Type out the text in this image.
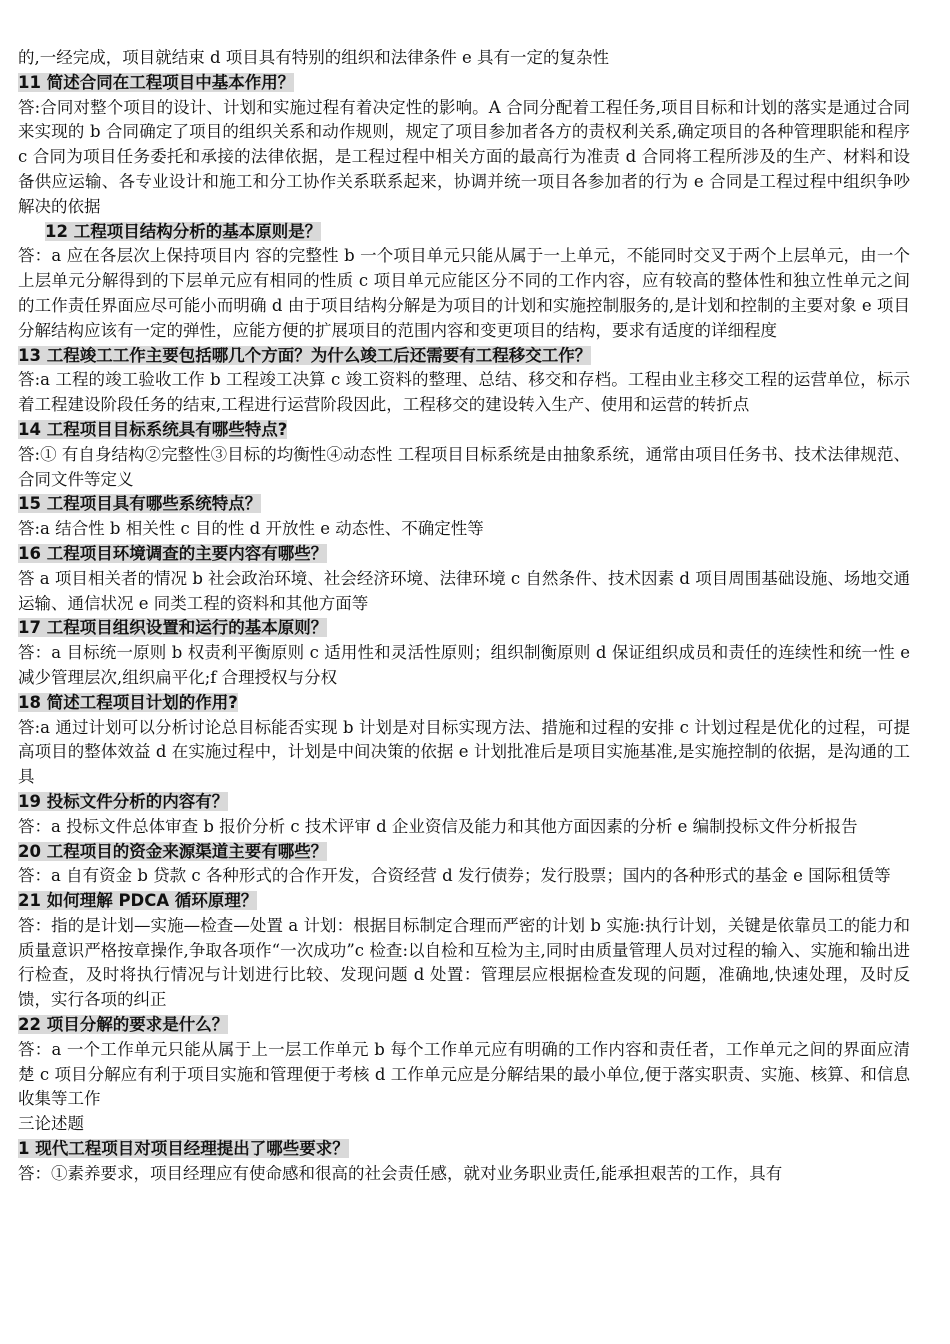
的,一经完成，项目就结束 d 项目具有特别的组织和法律条件 e 具有一定的复杂性

11 简述合同在工程项目中基本作用？

答:合同对整个项目的设计、计划和实施过程有着决定性的影响。A 合同分配着工程任务,项目目标和计划的落实是通过合同来实现的 b 合同确定了项目的组织关系和动作规则，规定了项目参加者各方的责权利关系,确定项目的各种管理职能和程序 c 合同为项目任务委托和承接的法律依据，是工程过程中相关方面的最高行为准责 d 合同将工程所涉及的生产、材料和设备供应运输、各专业设计和施工和分工协作关系联系起来，协调并统一项目各参加者的行为 e 合同是工程过程中组织争吵解决的依据

12 工程项目结构分析的基本原则是？

答：a 应在各层次上保持项目内 容的完整性 b 一个项目单元只能从属于一上单元，不能同时交叉于两个上层单元，由一个上层单元分解得到的下层单元应有相同的性质 c 项目单元应能区分不同的工作内容，应有较高的整体性和独立性单元之间的工作责任界面应尽可能小而明确 d 由于项目结构分解是为项目的计划和实施控制服务的,是计划和控制的主要对象 e 项目分解结构应该有一定的弹性，应能方便的扩展项目的范围内容和变更项目的结构，要求有适度的详细程度

13 工程竣工工作主要包括哪几个方面？为什么竣工后还需要有工程移交工作？

答:a 工程的竣工验收工作 b 工程竣工决算 c 竣工资料的整理、总结、移交和存档。工程由业主移交工程的运营单位，标示着工程建设阶段任务的结束,工程进行运营阶段因此，工程移交的建设转入生产、使用和运营的转折点

14 工程项目目标系统具有哪些特点?

答:① 有自身结构②完整性③目标的均衡性④动态性 工程项目目标系统是由抽象系统，通常由项目任务书、技术法律规范、合同文件等定义

15 工程项目具有哪些系统特点？

答:a 结合性 b 相关性 c 目的性 d 开放性 e 动态性、不确定性等

16 工程项目环境调查的主要内容有哪些？

答 a 项目相关者的情况 b 社会政治环境、社会经济环境、法律环境 c 自然条件、技术因素 d 项目周围基础设施、场地交通运输、通信状况 e 同类工程的资料和其他方面等

17 工程项目组织设置和运行的基本原则？

答：a 目标统一原则 b 权责利平衡原则 c 适用性和灵活性原则；组织制衡原则 d 保证组织成员和责任的连续性和统一性 e 减少管理层次,组织扁平化;f 合理授权与分权

18 简述工程项目计划的作用?

答:a 通过计划可以分析讨论总目标能否实现 b 计划是对目标实现方法、措施和过程的安排 c 计划过程是优化的过程，可提高项目的整体效益 d 在实施过程中，计划是中间决策的依据 e 计划批准后是项目实施基准,是实施控制的依据，是沟通的工具

19 投标文件分析的内容有？

答：a 投标文件总体审查 b 报价分析 c 技术评审 d 企业资信及能力和其他方面因素的分析 e 编制投标文件分析报告

20 工程项目的资金来源渠道主要有哪些？

答：a 自有资金 b 贷款 c 各种形式的合作开发，合资经营 d 发行债券；发行股票；国内的各种形式的基金 e 国际租赁等

21 如何理解 PDCA 循环原理？

答：指的是计划—实施—检查—处置 a 计划：根据目标制定合理而严密的计划 b 实施:执行计划，关键是依靠员工的能力和质量意识严格按章操作,争取各项作“一次成功”c 检查:以自检和互检为主,同时由质量管理人员对过程的输入、实施和输出进行检查，及时将执行情况与计划进行比较、发现问题 d 处置：管理层应根据检查发现的问题，准确地,快速处理，及时反馈，实行各项的纠正

22 项目分解的要求是什么？

答：a 一个工作单元只能从属于上一层工作单元 b 每个工作单元应有明确的工作内容和责任者，工作单元之间的界面应清楚 c 项目分解应有利于项目实施和管理便于考核 d 工作单元应是分解结果的最小单位,便于落实职责、实施、核算、和信息收集等工作

三论述题

1 现代工程项目对项目经理提出了哪些要求？

答：①素养要求，项目经理应有使命感和很高的社会责任感，就对业务职业责任,能承担艰苦的工作，具有
